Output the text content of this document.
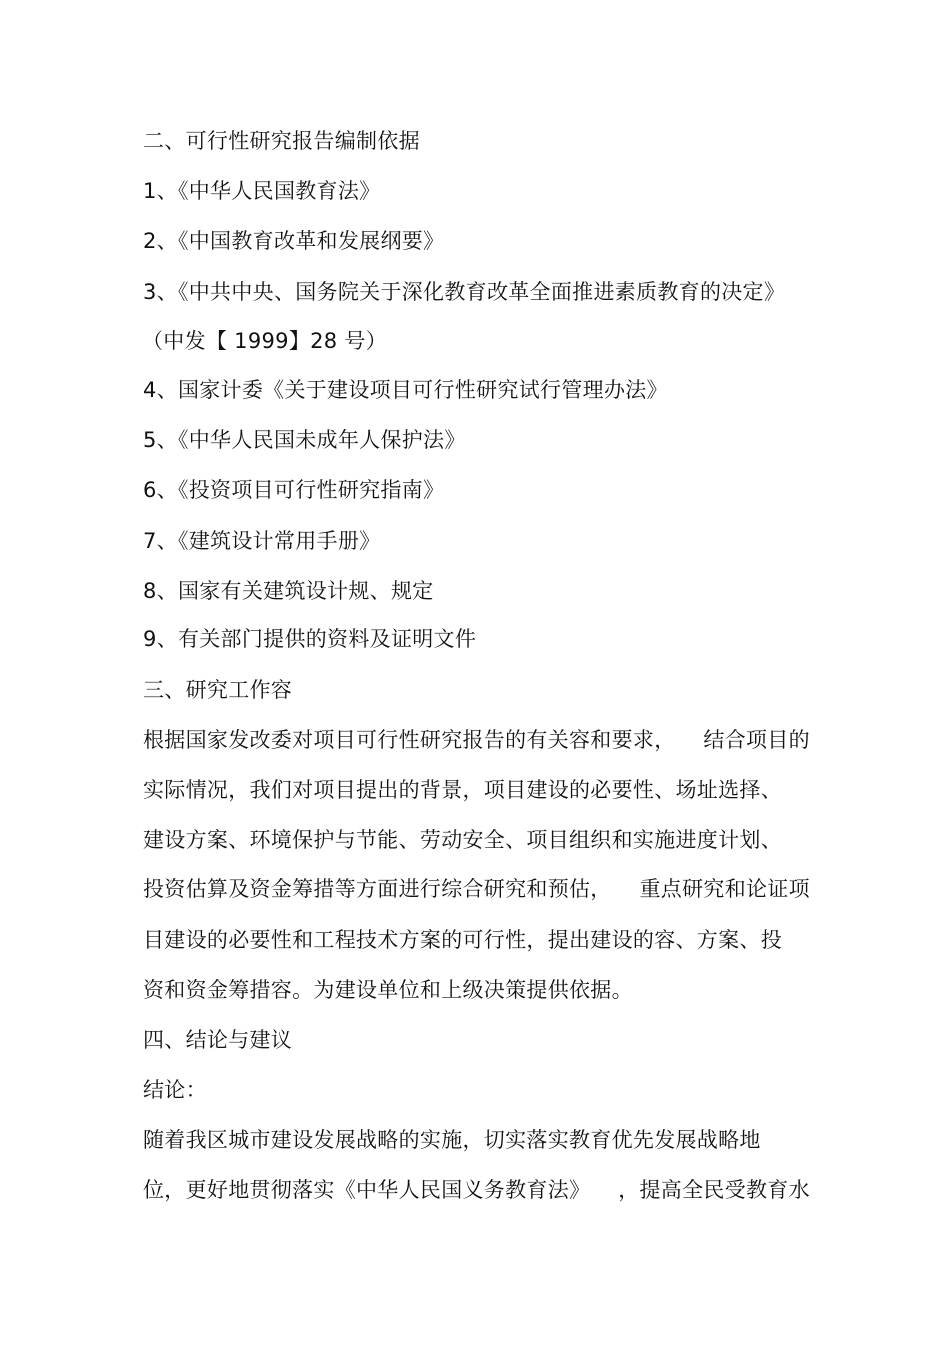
二、可行性研究报告编制依据
1、《中华人民国教育法》
2、《中国教育改革和发展纲要》
3、《中共中央、国务院关于深化教育改革全面推进素质教育的决定》
（中发【 1999】28 号）
4、国家计委《关于建设项目可行性研究试行管理办法》
5、《中华人民国未成年人保护法》
6、《投资项目可行性研究指南》
7、《建筑设计常用手册》
8、国家有关建筑设计规、规定
9、有关部门提供的资料及证明文件
三、研究工作容
根据国家发改委对项目可行性研究报告的有关容和要求，    结合项目的
实际情况，我们对项目提出的背景，项目建设的必要性、场址选择、
建设方案、环境保护与节能、劳动安全、项目组织和实施进度计划、
投资估算及资金筹措等方面进行综合研究和预估，    重点研究和论证项
目建设的必要性和工程技术方案的可行性，提出建设的容、方案、投
资和资金筹措容。为建设单位和上级决策提供依据。
四、结论与建议
结论：
随着我区城市建设发展战略的实施，切实落实教育优先发展战略地
位，更好地贯彻落实《中华人民国义务教育法》    ，提高全民受教育水
